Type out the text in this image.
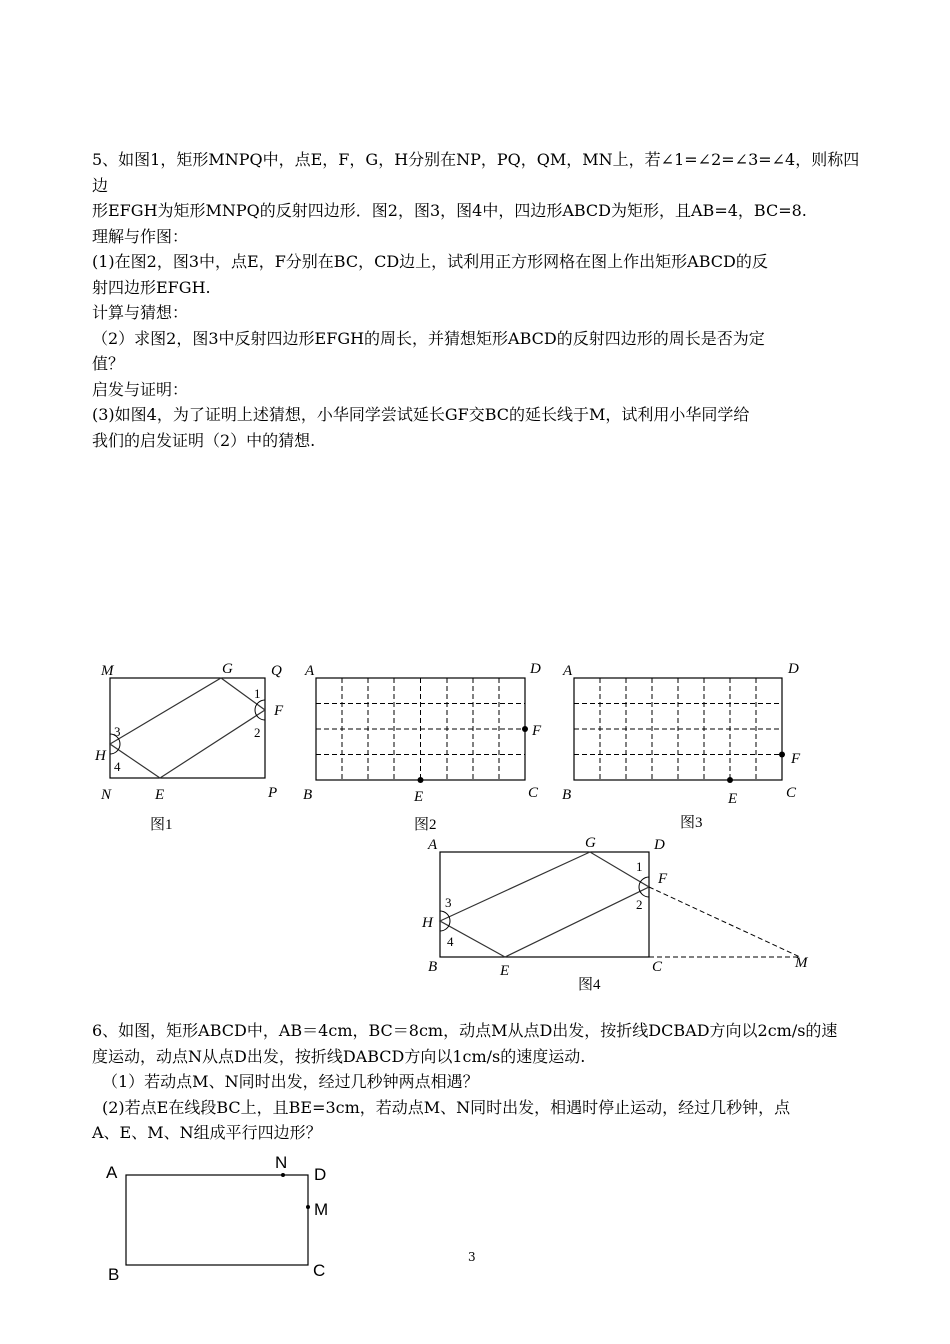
5、如图1，矩形MNPQ中，点E，F，G，H分别在NP，PQ，QM，MN上，若∠1=∠2=∠3=∠4，则称四边

形EFGH为矩形MNPQ的反射四边形．图2，图3，图4中，四边形ABCD为矩形，且AB=4，BC=8.

理解与作图：

(1)在图2，图3中，点E，F分别在BC，CD边上，试利用正方形网格在图上作出矩形ABCD的反

射四边形EFGH.

计算与猜想：

（2）求图2，图3中反射四边形EFGH的周长，并猜想矩形ABCD的反射四边形的周长是否为定

值？

启发与证明：

(3)如图4，为了证明上述猜想，小华同学尝试延长GF交BC的延长线于M，试利用小华同学给

我们的启发证明（2）中的猜想.

M	G	Q
F
H
N	E	P
1
2
3
4
图1
A	D
F
B	E	C
图2
A	D
F
B	E	C
图3
A	G	D
F
H
B	E	C	M
1
2
3
4
图4

6、如图，矩形ABCD中，AB＝4cm，BC＝8cm，动点M从点D出发，按折线DCBAD方向以2cm/s的速

度运动，动点N从点D出发，按折线DABCD方向以1cm/s的速度运动.

（1）若动点M、N同时出发，经过几秒钟两点相遇？

(2)若点E在线段BC上，且BE=3cm，若动点M、N同时出发，相遇时停止运动，经过几秒钟，点

A、E、M、N组成平行四边形？

A
N
D
M
B	C
3
